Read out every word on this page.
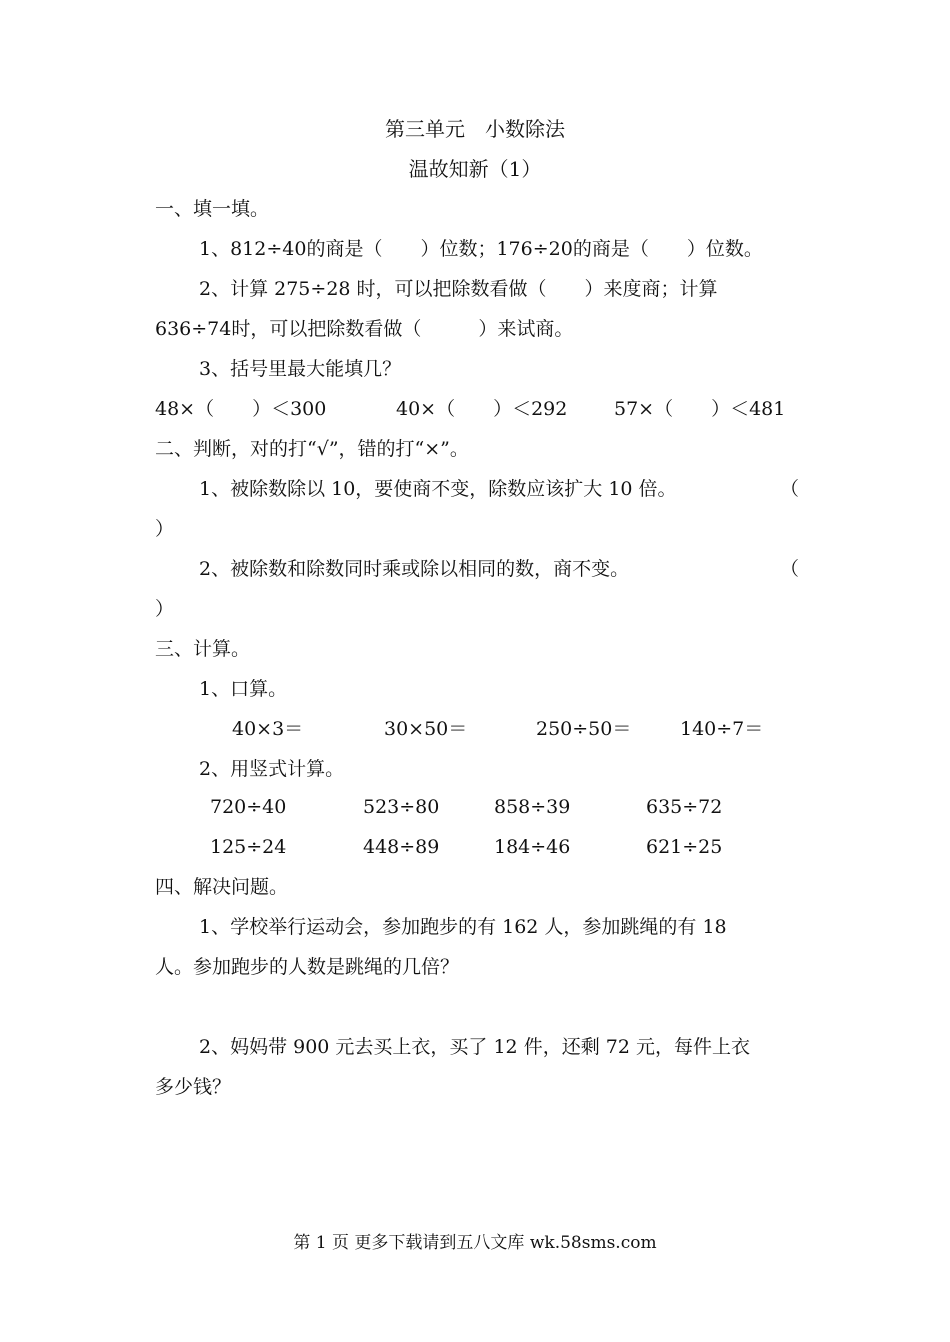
第三单元　小数除法
温故知新（1）
一、填一填。
1、812÷40的商是（　　）位数；176÷20的商是（　　）位数。
2、计算 275÷28 时，可以把除数看做（　　）来度商；计算
636÷74时，可以把除数看做（　　　）来试商。
3、括号里最大能填几？
48×（　　）＜300	40×（　　）＜292 57×（　　）＜481
二、判断，对的打“√”，错的打“×”。
1、被除数除以 10，要使商不变，除数应该扩大 10 倍。	（
）
2、被除数和除数同时乘或除以相同的数，商不变。	（
）
三、计算。
1、口算。
40×3＝	30×50＝	250÷50＝	140÷7＝
2、用竖式计算。
720÷40	523÷80	858÷39	635÷72
125÷24	448÷89	184÷46	621÷25
四、解决问题。
1、学校举行运动会，参加跑步的有 162 人，参加跳绳的有 18
人。参加跑步的人数是跳绳的几倍？
2、妈妈带 900 元去买上衣，买了 12 件，还剩 72 元，每件上衣
多少钱？
第 1 页 更多下载请到五八文库 wk.58sms.com
